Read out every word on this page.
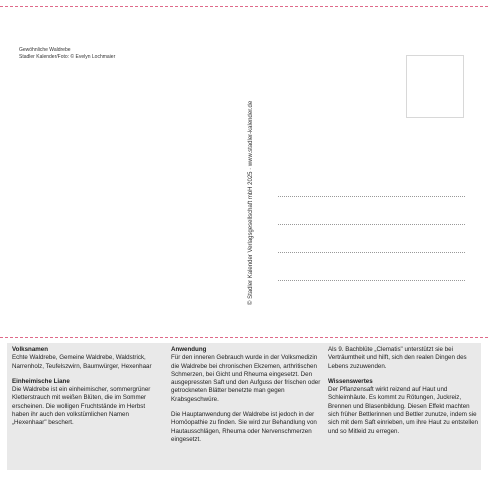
Gewöhnliche Waldrebe
Stadler Kalender/Foto: © Evelyn Lochmaier
© Stadler Kalender Verlagsgesellschaft mbH 2025 · www.stadler-kalender.de
Volksnamen
Echte Waldrebe, Gemeine Waldrebe, Waldstrick, Narrenholz, Teufelszwirn, Baumwürger, Hexenhaar
Einheimische Liane
Die Waldrebe ist ein einheimischer, sommergrüner Kletterstrauch mit weißen Blüten, die im Sommer erscheinen. Die wolligen Fruchtstände im Herbst haben ihr auch den volkstümlichen Namen „Hexenhaar" beschert.
Anwendung
Für den inneren Gebrauch wurde in der Volksmedizin die Waldrebe bei chronischen Ekzemen, arthritischen Schmerzen, bei Gicht und Rheuma eingesetzt. Den ausgepressten Saft und den Aufguss der frischen oder getrockneten Blätter benetzte man gegen Krabsgeschwüre.
Die Hauptanwendung der Waldrebe ist jedoch in der Homöopathie zu finden. Sie wird zur Behandlung von Hautausschlägen, Rheuma oder Nervenschmerzen eingesetzt.
Als 9. Bachblüte „Clematis" unterstützt sie bei Verträumtheit und hilft, sich den realen Dingen des Lebens zuzuwenden.
Wissenswertes
Der Pflanzensaft wirkt reizend auf Haut und Schleimhäute. Es kommt zu Rötungen, Juckreiz, Brennen und Blasenbildung. Diesen Effekt machten sich früher Bettlerinnen und Bettler zunutze, indem sie sich mit dem Saft einrieben, um ihre Haut zu entstellen und so Mitleid zu erregen.
